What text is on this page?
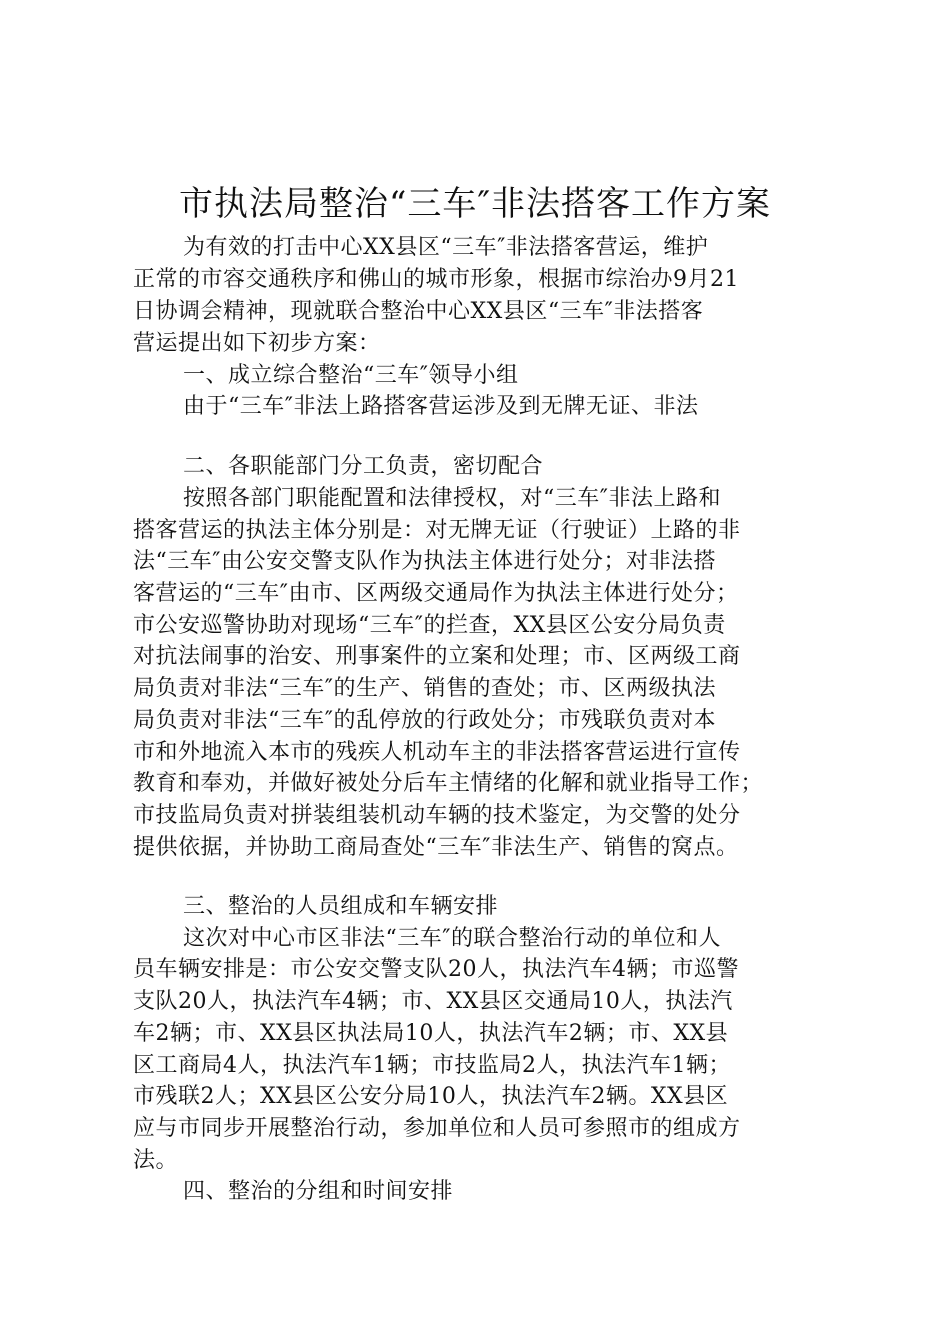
市执法局整治“三车″非法搭客工作方案
为有效的打击中心XX县区“三车″非法搭客营运，维护
正常的市容交通秩序和佛山的城市形象，根据市综治办9月21
日协调会精神，现就联合整治中心XX县区“三车″非法搭客
营运提出如下初步方案：
一、成立综合整治“三车″领导小组
由于“三车″非法上路搭客营运涉及到无牌无证、非法
二、各职能部门分工负责，密切配合
按照各部门职能配置和法律授权，对“三车″非法上路和
搭客营运的执法主体分别是：对无牌无证（行驶证）上路的非
法“三车″由公安交警支队作为执法主体进行处分；对非法搭
客营运的“三车″由市、区两级交通局作为执法主体进行处分；
市公安巡警协助对现场“三车″的拦查，XX县区公安分局负责
对抗法闹事的治安、刑事案件的立案和处理；市、区两级工商
局负责对非法“三车″的生产、销售的查处；市、区两级执法
局负责对非法“三车″的乱停放的行政处分；市残联负责对本
市和外地流入本市的残疾人机动车主的非法搭客营运进行宣传
教育和奉劝，并做好被处分后车主情绪的化解和就业指导工作；
市技监局负责对拼装组装机动车辆的技术鉴定，为交警的处分
提供依据，并协助工商局查处“三车″非法生产、销售的窝点。
三、整治的人员组成和车辆安排
这次对中心市区非法“三车″的联合整治行动的单位和人
员车辆安排是：市公安交警支队20人，执法汽车4辆；市巡警
支队20人，执法汽车4辆；市、XX县区交通局10人，执法汽
车2辆；市、XX县区执法局10人，执法汽车2辆；市、XX县
区工商局4人，执法汽车1辆；市技监局2人，执法汽车1辆；
市残联2人；XX县区公安分局10人，执法汽车2辆。XX县区
应与市同步开展整治行动，参加单位和人员可参照市的组成方
法。
四、整治的分组和时间安排
